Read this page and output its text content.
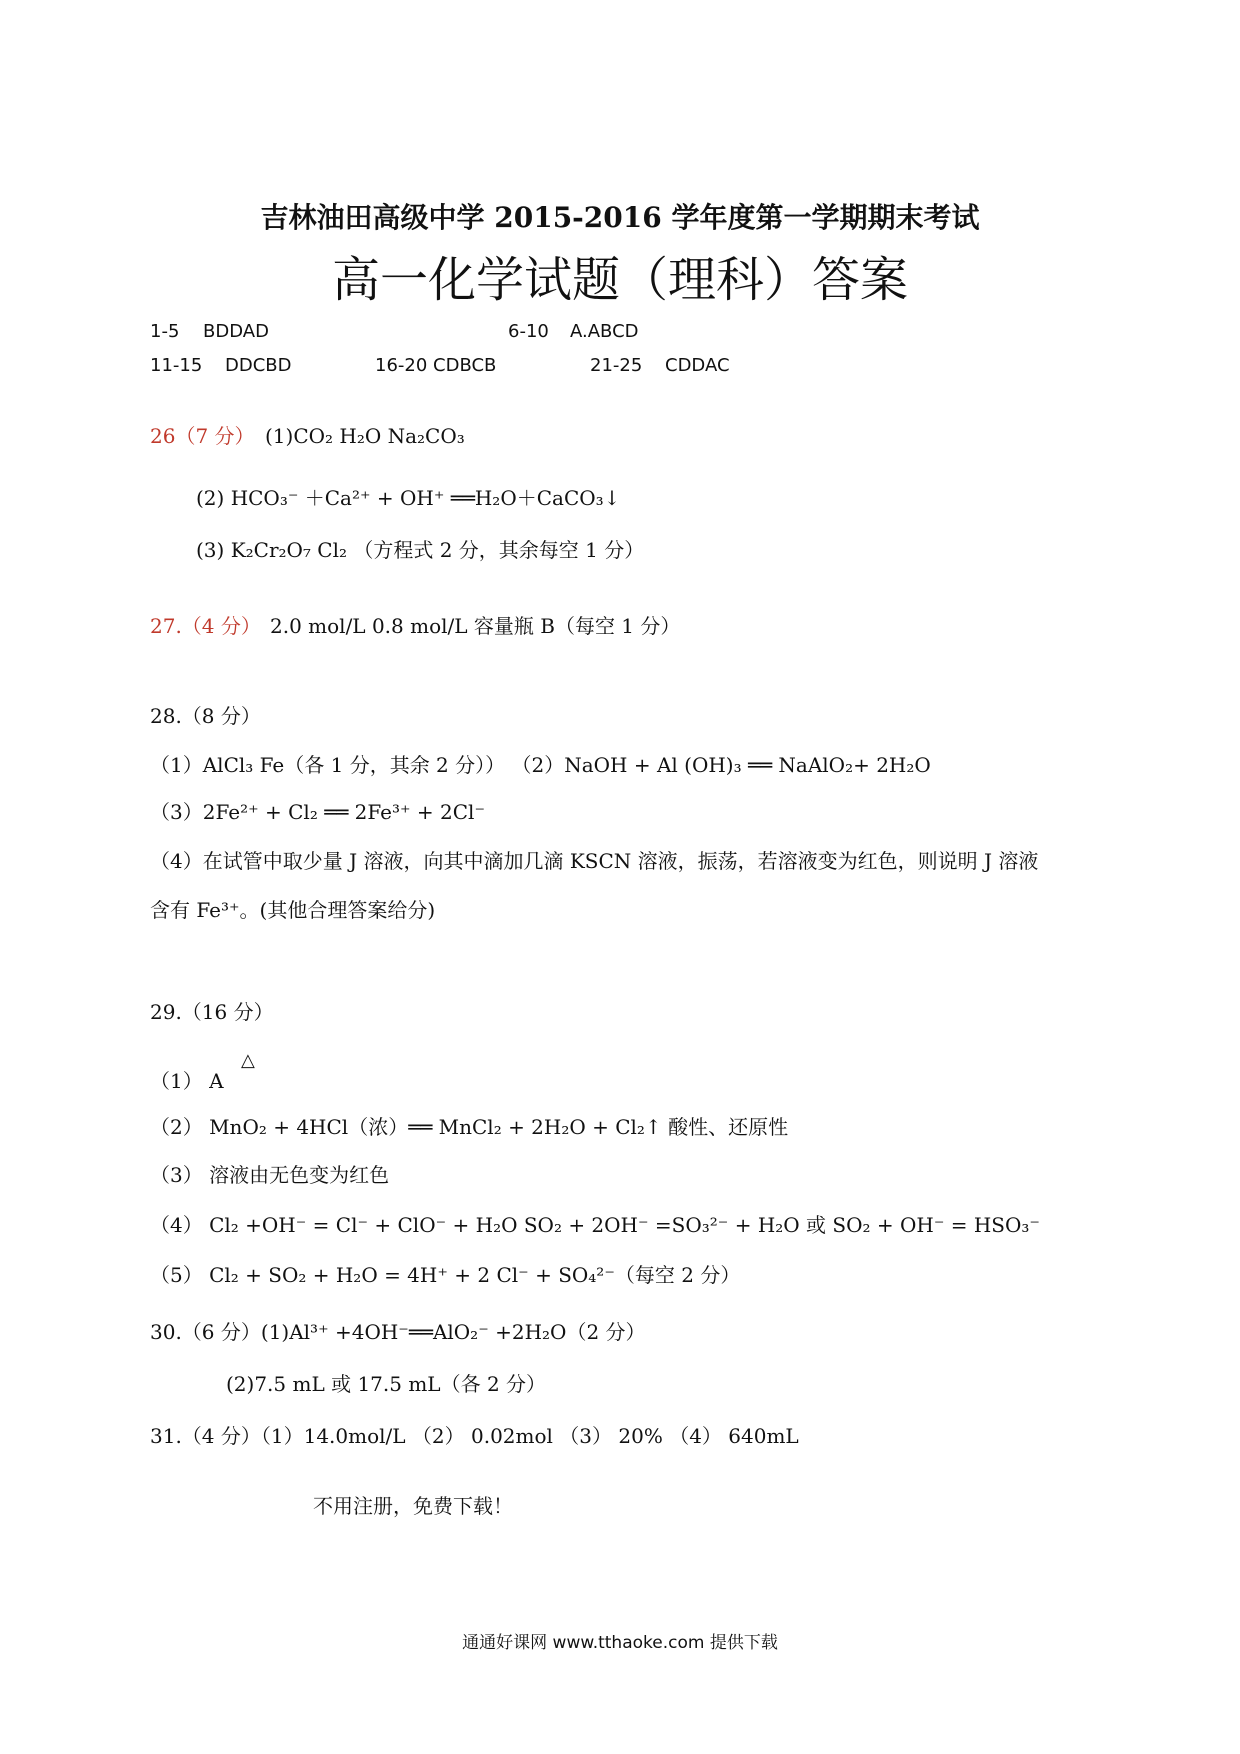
吉林油田高级中学 2015-2016 学年度第一学期期末考试
高一化学试题（理科）答案
1-5 BDDAD	6-10 A.ABCD
11-15 DDCBD	16-20 CDBCB	21-25 CDDAC
26（7 分） (1)CO₂ H₂O Na₂CO₃
(2) HCO₃⁻ ＋Ca²⁺ + OH⁺ ══H₂O＋CaCO₃↓
(3) K₂Cr₂O₇ Cl₂ （方程式 2 分，其余每空 1 分）
27.（4 分） 2.0 mol/L 0.8 mol/L 容量瓶 B（每空 1 分）
28.（8 分）
（1）AlCl₃ Fe（各 1 分，其余 2 分）） （2）NaOH + Al (OH)₃ ══ NaAlO₂+ 2H₂O
（3）2Fe²⁺ + Cl₂ ══ 2Fe³⁺ + 2Cl⁻
（4）在试管中取少量 J 溶液，向其中滴加几滴 KSCN 溶液，振荡，若溶液变为红色，则说明 J 溶液
含有 Fe³⁺。(其他合理答案给分)
29.（16 分）
△
（1） A
（2） MnO₂ + 4HCl（浓）══ MnCl₂ + 2H₂O + Cl₂↑ 酸性、还原性
（3） 溶液由无色变为红色
（4） Cl₂ +OH⁻ = Cl⁻ + ClO⁻ + H₂O SO₂ + 2OH⁻ =SO₃²⁻ + H₂O 或 SO₂ + OH⁻ = HSO₃⁻
（5） Cl₂ + SO₂ + H₂O = 4H⁺ + 2 Cl⁻ + SO₄²⁻（每空 2 分）
30.（6 分）(1)Al³⁺ +4OH⁻══AlO₂⁻ +2H₂O（2 分）
(2)7.5 mL 或 17.5 mL（各 2 分）
31.（4 分）（1）14.0mol/L （2） 0.02mol （3） 20% （4） 640mL
不用注册，免费下载！
通通好课网 www.tthaoke.com 提供下载
